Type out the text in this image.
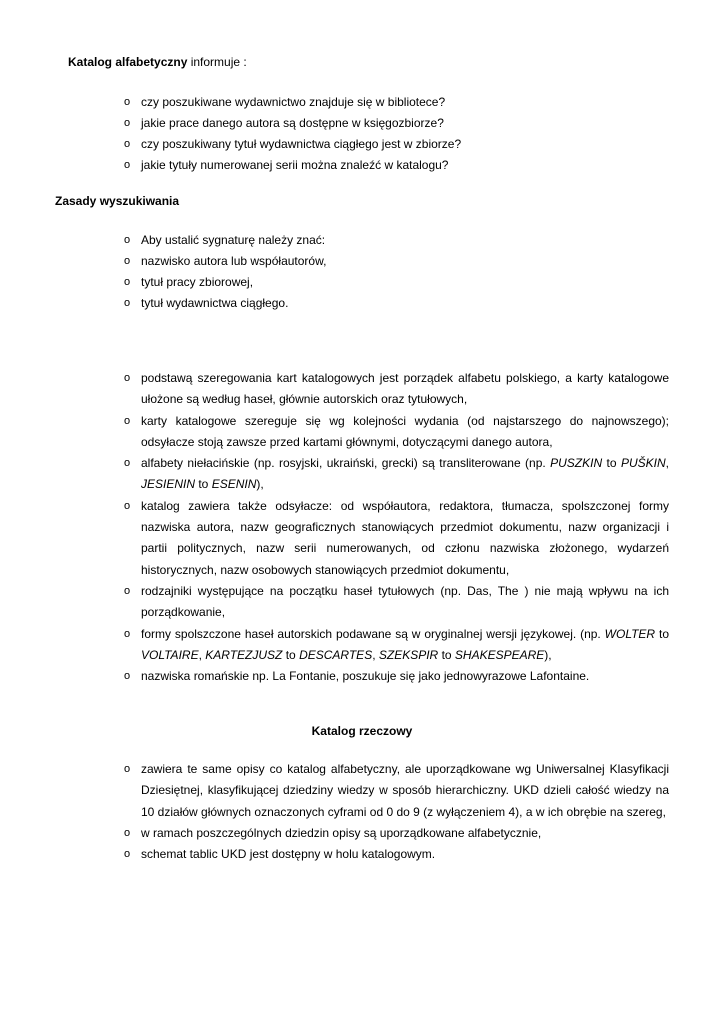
Katalog alfabetyczny informuje :
o czy poszukiwane wydawnictwo znajduje się w bibliotece?
o jakie prace danego autora są dostępne w księgozbiorze?
o czy poszukiwany tytuł wydawnictwa ciągłego jest w zbiorze?
o jakie tytuły numerowanej serii można znaleźć w katalogu?
Zasady wyszukiwania
o Aby ustalić sygnaturę należy znać:
o nazwisko autora lub współautorów,
o tytuł pracy zbiorowej,
o tytuł wydawnictwa ciągłego.
o podstawą szeregowania kart katalogowych jest porządek alfabetu polskiego, a karty katalogowe ułożone są według haseł, głównie autorskich oraz tytułowych,
o karty katalogowe szereguje się wg kolejności wydania (od najstarszego do najnowszego); odsyłacze stoją zawsze przed kartami głównymi, dotyczącymi danego autora,
o alfabety niełacińskie (np. rosyjski, ukraiński, grecki) są transliterowane (np. PUSZKIN to PUŠKIN, JESIENIN to ESENIN),
o katalog zawiera także odsyłacze: od współautora, redaktora, tłumacza, spolszczonej formy nazwiska autora, nazw geograficznych stanowiących przedmiot dokumentu, nazw organizacji i partii politycznych, nazw serii numerowanych, od członu nazwiska złożonego, wydarzeń historycznych, nazw osobowych stanowiących przedmiot dokumentu,
o rodzajniki występujące na początku haseł tytułowych (np. Das, The ) nie mają wpływu na ich porządkowanie,
o formy spolszczone haseł autorskich podawane są w oryginalnej wersji językowej. (np. WOLTER to VOLTAIRE, KARTEZJUSZ to DESCARTES, SZEKSPIR to SHAKESPEARE),
o nazwiska romańskie np. La Fontanie, poszukuje się jako jednowyrazowe Lafontaine.
Katalog rzeczowy
o zawiera te same opisy co katalog alfabetyczny, ale uporządkowane wg Uniwersalnej Klasyfikacji Dziesiętnej, klasyfikującej dziedziny wiedzy w sposób hierarchiczny. UKD dzieli całość wiedzy na 10 działów głównych oznaczonych cyframi od 0 do 9 (z wyłączeniem 4), a w ich obrębie na szereg,
o w ramach poszczególnych dziedzin opisy są uporządkowane alfabetycznie,
o schemat tablic UKD jest dostępny w holu katalogowym.
